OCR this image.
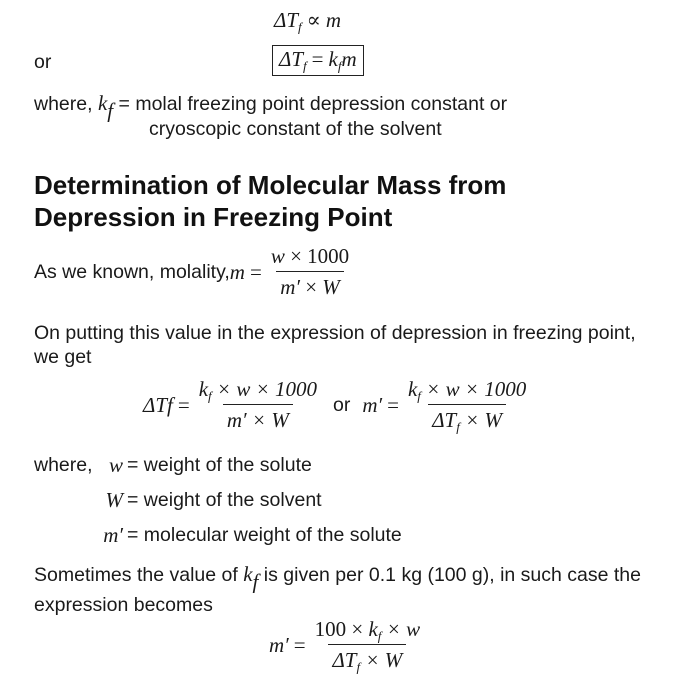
$\Delta T_f \propto m$
or	$\Delta T_f = k_fm$
where, $k_f$ = molal freezing point depression constant or
cryoscopic constant of the solvent
Determination of Molecular Mass from
Depression in Freezing Point
As we known, molality, $m = \frac{w \times 1000}{m' \times W}$
On putting this value in the expression of depression in freezing point,
we get
ΔT $f = \frac{k_f \times w \times 1000}{m' \times W}$ or $m' = \frac{k_f \times w \times 1000}{\Delta T_f \times W}$
where, w = weight of the solute
W = weight of the solvent
m′ = molecular weight of the solute
Sometimes the value of $k_f$ is given per 0.1 kg (100 g), in such case the
expression becomes
$m' = \frac{100 \times k_f \times w}{\Delta T_f \times W}$
